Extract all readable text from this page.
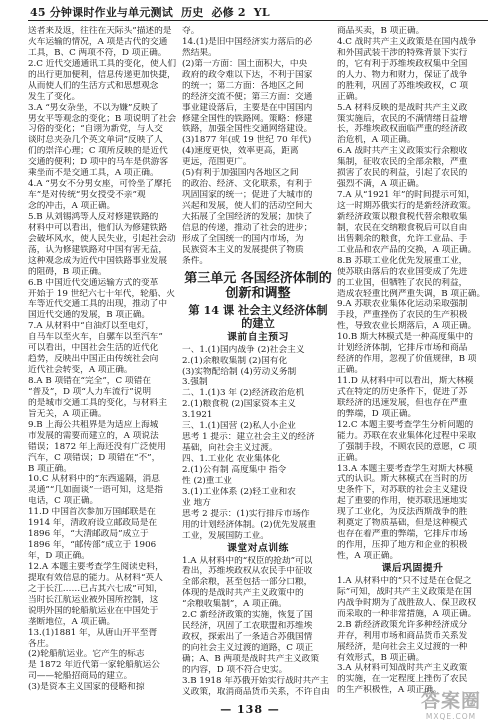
45 分钟课时作业与单元测试  历史  必修 2  YL
送者来及返，往往在天际头”描述的是
火车运输的情况，A 项是古代的交通
工具，B、C 两项不符，D 项正确。
2.C 近代交通通讯工具的变化，使人们
的出行更加便利，信息传递更加快捷，
从而使人们的生活方式和思想观念
发生了变化。
3.A “男女杂坐，不以为嫌”反映了
男女平等观念的变化；B 项说明了社会
习俗的变化；“自诩为新党，与人交
谈时总夹杂几个英文单词”反映了人
们的崇洋心理；C 项所反映的是近代
交通的便利；D 项中的马车是供游客
乘坐而不是交通工具，A 项正确。
4.A “男女不分男女座，可怜坐了摩托
车”是对传统“男女授受不亲”观
念的冲击，A 项正确。
5.B 从刘锡鸿等人反对修建铁路的
材料中可以看出，他们认为修建铁路
会破坏风水，使人民失业，引起社会动
荡，认为修建铁路对中国有害无益，
这种观念成为近代中国铁路事业发展
的阻碍，B 项正确。
6.B 中国近代交通运输方式的变革
开始于 19 世纪六七十年代，轮船、火
车等近代交通工具的出现，推动了中
国近代交通的发展，B 项正确。
7.A 从材料中“自油灯以至电灯，
自马车以至火车，自骡车以至汽车”
可以看出，中国社会生活的近代化
趋势，反映出中国正由传统社会向
近代社会转变，A 项正确。
8.A B 项错在“完全”，C 项错在
“普及”，D 项“人力车流行”说明
的是城市交通工具的变化，与材料主
旨无关，A 项正确。
9.B 上海公共租界是为适应上海城
市发展的需要而建立的，A 项说法
错误；1872 年上海还没有广泛使用
汽车，C 项错误；D 项错在“不”，
B 项正确。
10.C 从材料中的“东西遥隔，消息
灵通”“几如面谈”一语可知，这是指
电话，C 项正确。
11.D 中国首次参加万国邮联是在
1914 年，清政府设立邮政局是在
1896 年，“大清邮政局”成立于
1896 年，“邮传部”成立于 1906
年，D 项正确。
12.A 本题主要考查学生阅读史料，
提取有效信息的能力。从材料“英人
之于长江……已占其六七成”可知，
当时长江航运业被外国所控制，这
说明外国的轮船航运业在中国处于
垄断地位，A 项正确。
13.(1)1881 年，从唐山开平至胥
各庄。
(2)轮船航运业。它产生的标志
是 1872 年近代第一家轮船航运公
司——轮船招商局的建立。
(3)是资本主义国家的侵略和掠
夺。
14.(1)是旧中国经济实力落后的必
然结果。
(2)第一方面：国土面积大，中央
政府的政令难以下达，不利于国家
的统一；第二方面：各地区之间
的经济交流不便；第三方面：交通
事业建设落后，主要是在中国国内
修建全国性的铁路网。策略：修建
铁路，加强全国性交通网络建设。
(3)1877 年(或 19 世纪 70 年代)
(4)速度更快，效率更高，距离
更远，范围更广。
(5)有利于加强国内各地区之间
的政治、经济、文化联系，有利于
巩固国家的统一；促进了大城市的
兴起和发展，使人们的活动空间大
大拓展了全国经济的发展；加快了
信息的传递，推动了社会的进步；
形成了全国统一的国内市场，为
民族资本主义的发展提供了物质
条件。
第三单元 各国经济体制的
创新和调整
第 14 课 社会主义经济体制
的建立
课前自主预习
一、1.(1)国内战争 (2)社会主义
2.(1)余粮收集制 (2)国有化
(3)实物配给制 (4)劳动义务制
3.强制
二、1.(1)3 年 (2)经济政治危机
2.(1)粮食税 (2)国家资本主义
3.1921
三、1.(1)国营 (2)私人小企业
思考 1 提示：建立社会主义的经济
基础，向社会主义过渡。
四、1.工业化 农业集体化
2.(1)公有制 高度集中 指令
性 (2)重工业
3.(1)工业体系 (2)轻工业和农
业 地方
思考 2 提示：(1)实行排斥市场作
用的计划经济体制。(2)优先发展重
工业，发展国防工业。
课堂对点训练
1.A 从材料中的“权臣的抢劫”可以
看出，苏维埃政权从农民手中征收
全部余粮，甚至包括一部分口粮，
体现的是战时共产主义政策中的
“余粮收集制”，A 项正确。
2.C 新经济政策的实施，恢复了国
民经济，巩固了工农联盟和苏维埃
政权，探索出了一条适合苏俄国情
的向社会主义过渡的道路，C 项正
确；A、B 两项是战时共产主义政策
的内容，D 项不符合史实。
3.B 1918 年苏俄开始实行战时共产主
义政策，取消商品货币关系，不许自由
商品买卖，B 项正确。
4.C 战时共产主义政策是在国内战争
和外国武装干涉的特殊背景下实行
的，它有利于苏维埃政权集中全国
的人力、物力和财力，保证了战争
的胜利，巩固了苏维埃政权，C 项
正确。
5.A 材料反映的是战时共产主义政
策实施后，农民的不满情绪日益增
长，苏维埃政权面临严重的经济政
治危机，A 项正确。
6.A 战时共产主义政策实行余粮收
集制，征收农民的全部余粮，严重
损害了农民的利益，引起了农民的
强烈不满，A 项正确。
7.A 从“1921 年”的时间提示可知，
这一时期苏俄实行的是新经济政策。
新经济政策以粮食税代替余粮收集
制，农民在交纳粮食税后可以自由
出售剩余的粮食，允许工业品、手
工业品和农产品的交换，A 项正确。
8.B 苏联工业化优先发展重工业，
使苏联由落后的农业国变成了先进
的工业国，但牺牲了农民的利益，
造成农轻重比例严重失调，B 项正确。
9.A 苏联农业集体化运动采取强制
手段，严重挫伤了农民的生产积极
性，导致农业长期落后，A 项正确。
10.B 斯大林模式是一种高度集中的
计划经济体制，它排斥市场和商品
经济的作用，忽视了价值规律，B 项
正确。
11.D 从材料中可以看出，斯大林模
式在特定的历史条件下，促进了苏
联经济的迅速发展，但也存在严重
的弊端，D 项正确。
12.C 本题主要考查学生分析问题的
能力。苏联在农业集体化过程中采取
了强制手段，不顾农民的意愿，C 项
正确。
13.A 本题主要考查学生对斯大林模
式的认识。斯大林模式在当时的历
史条件下，对苏联的社会主义建设
起了重要的作用，使苏联迅速地实
现了工业化，为反法西斯战争的胜
利奠定了物质基础，但是这种模式
也存在着严重的弊端，它排斥市场
的作用，压抑了地方和企业的积极
性，A 项正确。
课后巩固提升
1.A 从材料中的“只不过是在仓促之
际”可知，战时共产主义政策是在国
内战争时期为了战胜敌人、保卫政权
而采取的一种非常措施，A 项正确。
2.B 新经济政策允许多种经济成分
并存，利用市场和商品货币关系发
展经济，是向社会主义过渡的一种
有效形式，B 项正确。
3.A 从材料可知战时共产主义政策
的实施，在一定程度上挫伤了农民
的生产积极性，A 项正确。
— 138 —	答案圈
MXQE.COM
